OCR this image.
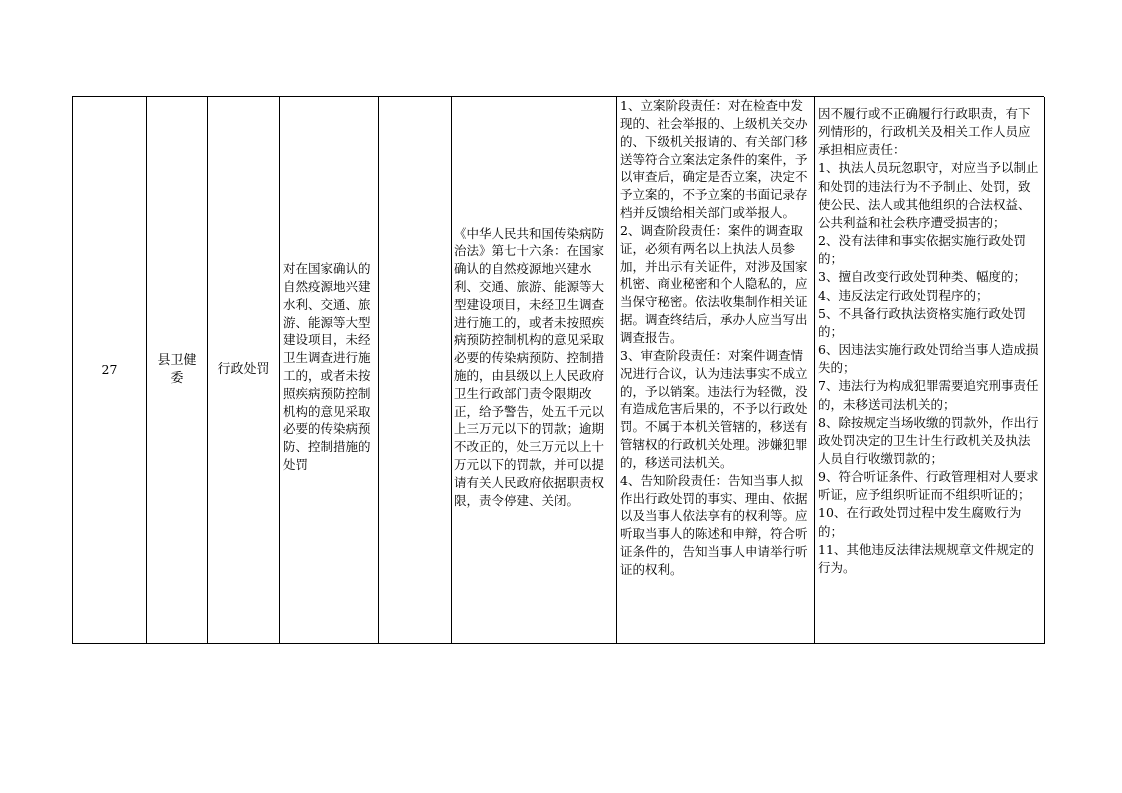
27
县卫健委
行政处罚
对在国家确认的自然疫源地兴建水利、交通、旅游、能源等大型建设项目，未经卫生调查进行施工的，或者未按照疾病预防控制机构的意见采取必要的传染病预防、控制措施的处罚
《中华人民共和国传染病防治法》第七十六条：在国家确认的自然疫源地兴建水利、交通、旅游、能源等大型建设项目，未经卫生调查进行施工的，或者未按照疾病预防控制机构的意见采取必要的传染病预防、控制措施的，由县级以上人民政府卫生行政部门责令限期改正，给予警告，处五千元以上三万元以下的罚款；逾期不改正的，处三万元以上十万元以下的罚款，并可以提请有关人民政府依据职责权限，责令停建、关闭。
1、立案阶段责任：对在检查中发现的、社会举报的、上级机关交办的、下级机关报请的、有关部门移送等符合立案法定条件的案件，予以审查后，确定是否立案，决定不予立案的，不予立案的书面记录存档并反馈给相关部门或举报人。
2、调查阶段责任：案件的调查取证，必须有两名以上执法人员参加，并出示有关证件，对涉及国家机密、商业秘密和个人隐私的，应当保守秘密。依法收集制作相关证据。调查终结后，承办人应当写出调查报告。
3、审查阶段责任：对案件调查情况进行合议，认为违法事实不成立的，予以销案。违法行为轻微，没有造成危害后果的，不予以行政处罚。不属于本机关管辖的，移送有管辖权的行政机关处理。涉嫌犯罪的，移送司法机关。
4、告知阶段责任：告知当事人拟作出行政处罚的事实、理由、依据以及当事人依法享有的权利等。应听取当事人的陈述和申辩，符合听证条件的，告知当事人申请举行听证的权利。
因不履行或不正确履行行政职责，有下列情形的，行政机关及相关工作人员应承担相应责任：
1、执法人员玩忽职守，对应当予以制止和处罚的违法行为不予制止、处罚，致使公民、法人或其他组织的合法权益、公共利益和社会秩序遭受损害的；
2、没有法律和事实依据实施行政处罚的；
3、擅自改变行政处罚种类、幅度的；
4、违反法定行政处罚程序的；
5、不具备行政执法资格实施行政处罚的；
6、因违法实施行政处罚给当事人造成损失的；
7、违法行为构成犯罪需要追究刑事责任的，未移送司法机关的；
8、除按规定当场收缴的罚款外，作出行政处罚决定的卫生计生行政机关及执法人员自行收缴罚款的；
9、符合听证条件、行政管理相对人要求听证，应予组织听证而不组织听证的；
10、在行政处罚过程中发生腐败行为的；
11、其他违反法律法规规章文件规定的行为。
